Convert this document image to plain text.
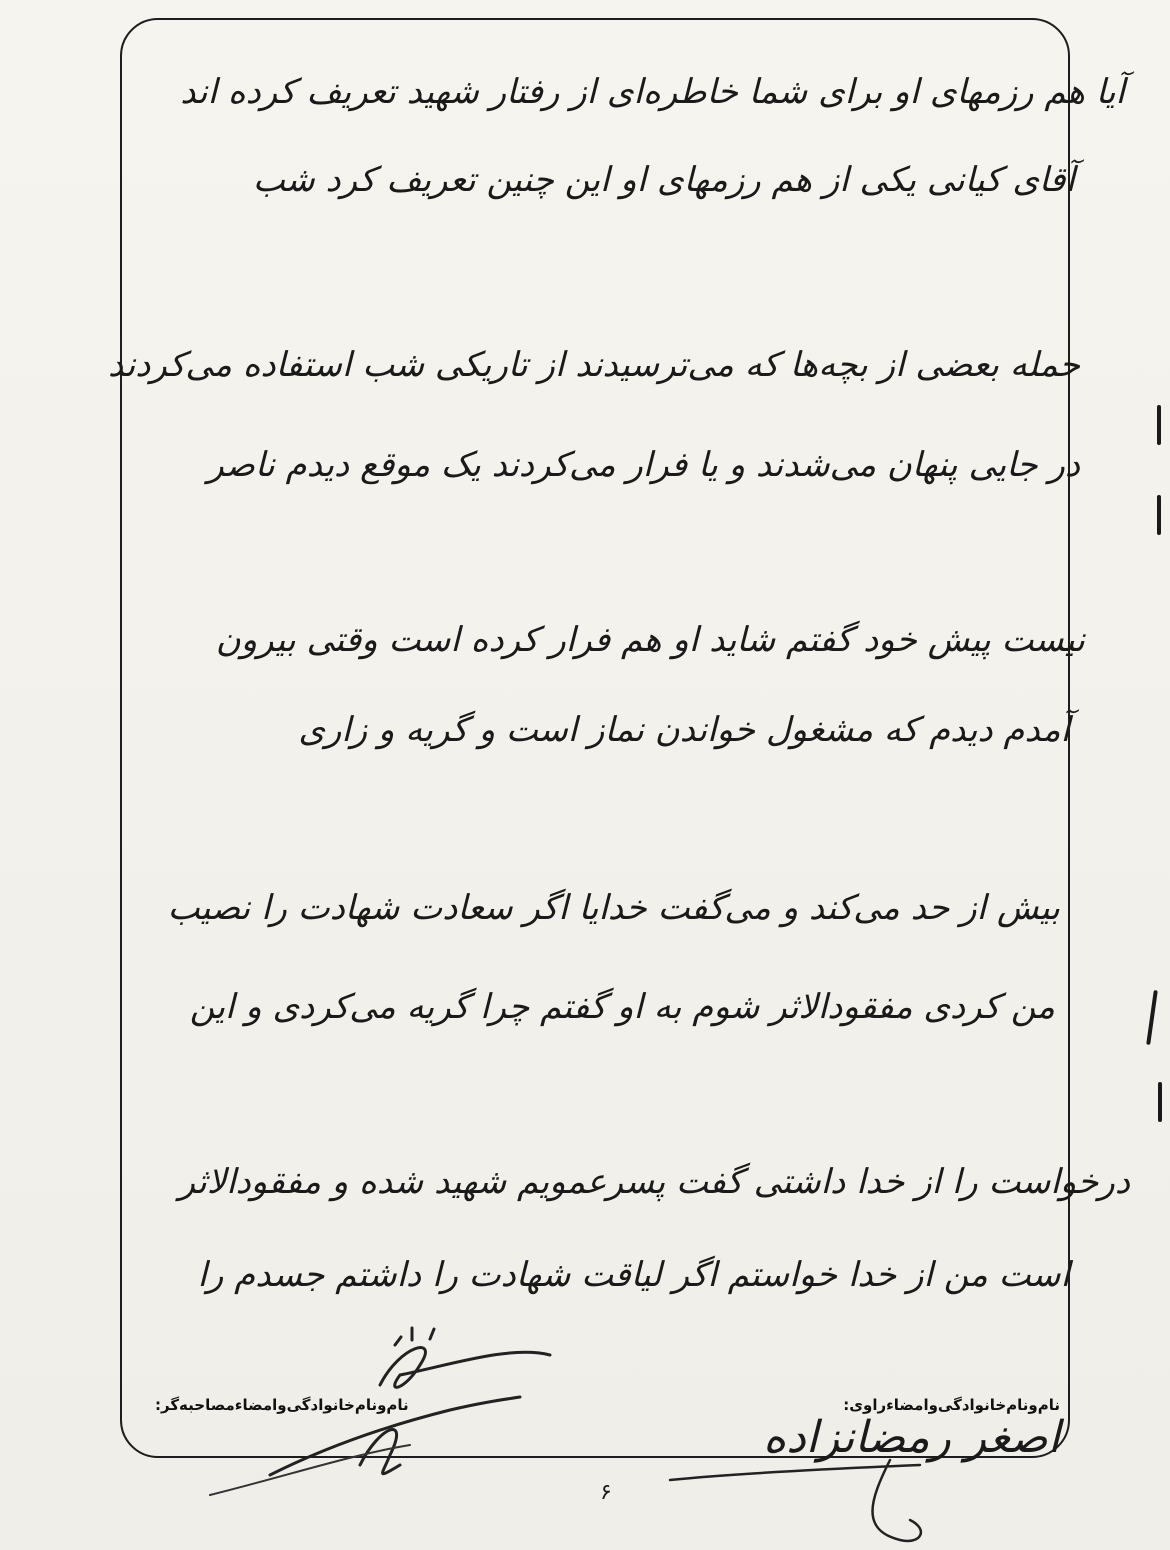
آیا هم رزمهای او برای شما خاطره‌ای از رفتار شهید تعریف کرده اند
آقای کیانی یکی از هم رزمهای او این چنین تعریف کرد شب
حمله بعضی از بچه‌ها که می‌ترسیدند از تاریکی شب استفاده می‌کردند
در جایی پنهان می‌شدند و یا فرار می‌کردند یک موقع دیدم ناصر
نیست پیش خود گفتم شاید او هم فرار کرده است وقتی بیرون
آمدم دیدم که مشغول خواندن نماز است و گریه و زاری
بیش از حد می‌کند و می‌گفت خدایا اگر سعادت شهادت را نصیب
من کردی مفقودالاثر شوم به او گفتم چرا گریه می‌کردی و این
درخواست را از خدا داشتی گفت پسرعمویم شهید شده و مفقودالاثر
است من از خدا خواستم اگر لیاقت شهادت را داشتم جسدم را
نام‌ونام‌خانوادگی‌وامضاء‌راوی:
نام‌ونام‌خانوادگی‌وامضاء‌مصاحبه‌گر:
اصغر رمضانزاده
۶
